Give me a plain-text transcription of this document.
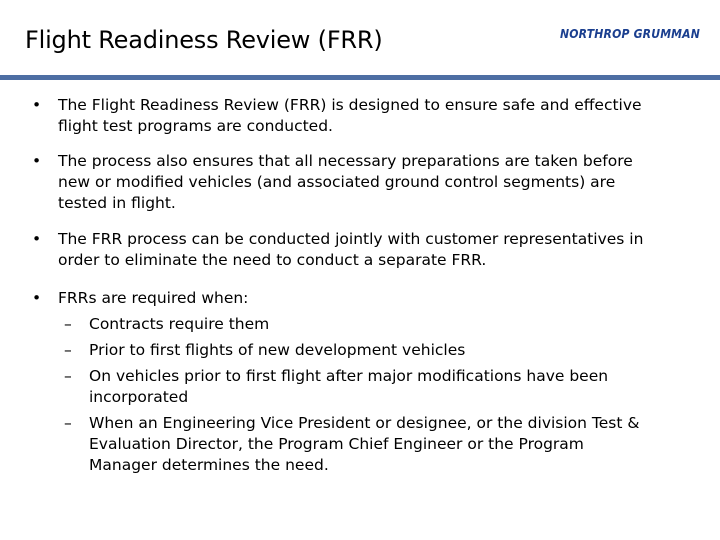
Flight Readiness Review (FRR)	NORTHROP GRUMMAN
•	The Flight Readiness Review (FRR) is designed to ensure safe and effective
flight test programs are conducted.
•	The process also ensures that all necessary preparations are taken before
new or modified vehicles (and associated ground control segments) are
tested in flight.
•	The FRR process can be conducted jointly with customer representatives in
order to eliminate the need to conduct a separate FRR.
•	FRRs are required when:
– Contracts require them
– Prior to first flights of new development vehicles
– On vehicles prior to first flight after major modifications have been
incorporated
– When an Engineering Vice President or designee, or the division Test &
Evaluation Director, the Program Chief Engineer or the Program
Manager determines the need.
